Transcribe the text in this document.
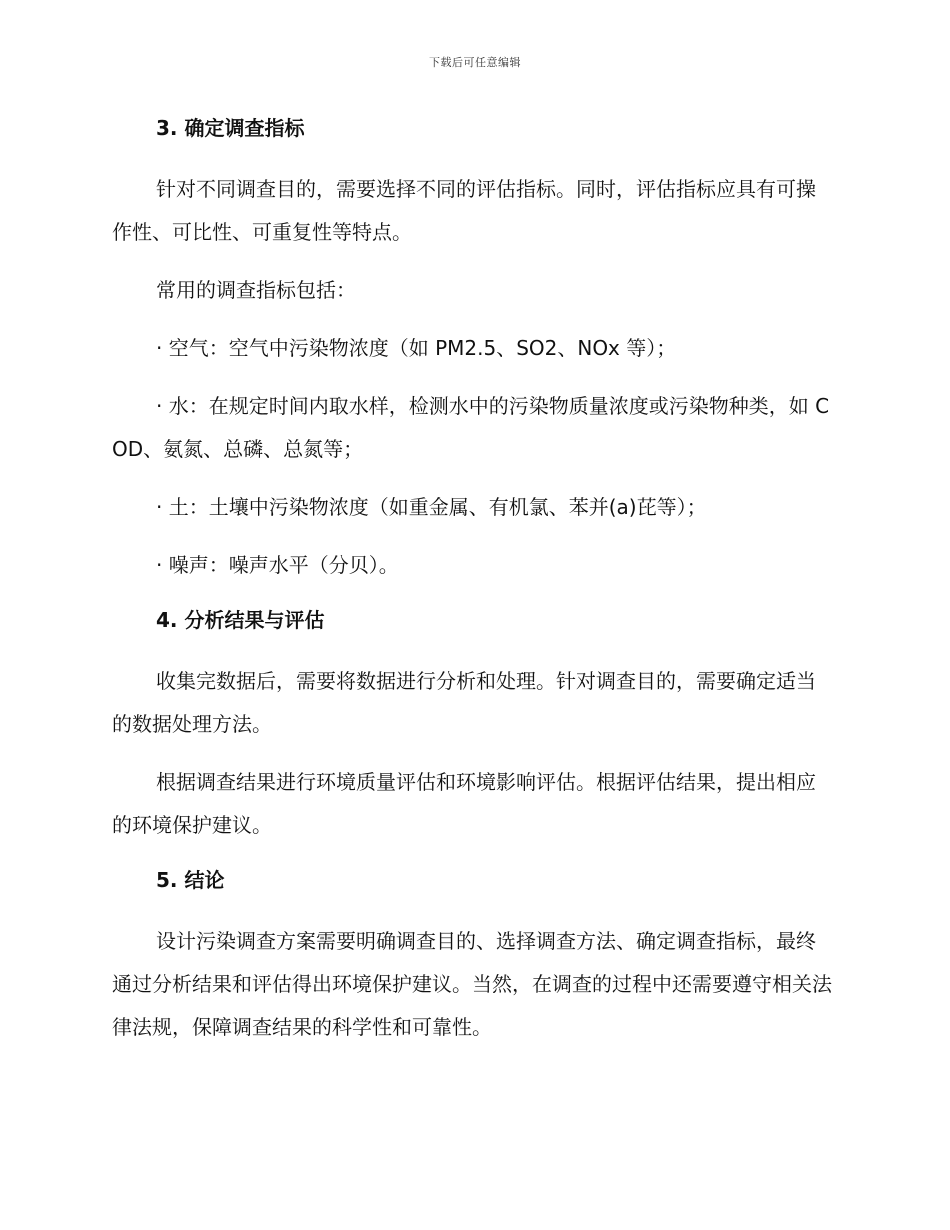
下载后可任意编辑
3. 确定调查指标
针对不同调查目的，需要选择不同的评估指标。同时，评估指标应具有可操作性、可比性、可重复性等特点。
常用的调查指标包括：
· 空气：空气中污染物浓度（如 PM2.5、SO2、NOx 等）；
· 水：在规定时间内取水样，检测水中的污染物质量浓度或污染物种类，如 COD、氨氮、总磷、总氮等；
· 土：土壤中污染物浓度（如重金属、有机氯、苯并(a)芘等）；
· 噪声：噪声水平（分贝）。
4. 分析结果与评估
收集完数据后，需要将数据进行分析和处理。针对调查目的，需要确定适当的数据处理方法。
根据调查结果进行环境质量评估和环境影响评估。根据评估结果，提出相应的环境保护建议。
5. 结论
设计污染调查方案需要明确调查目的、选择调查方法、确定调查指标，最终通过分析结果和评估得出环境保护建议。当然，在调查的过程中还需要遵守相关法律法规，保障调查结果的科学性和可靠性。
